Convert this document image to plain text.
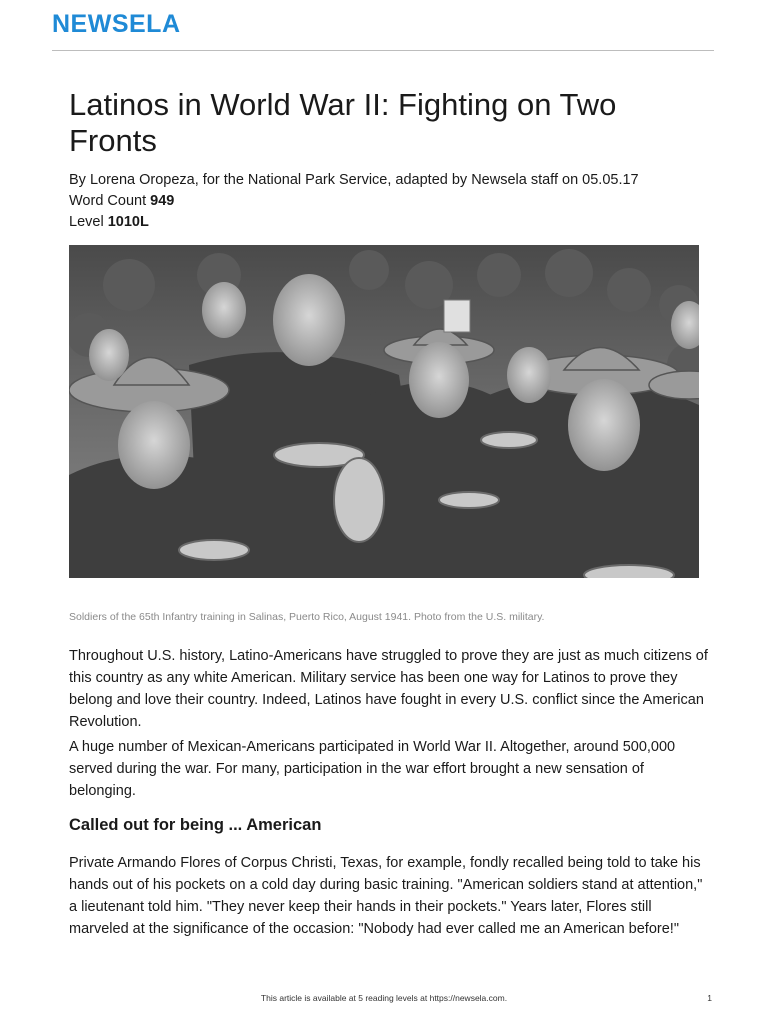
NEWSELA
Latinos in World War II: Fighting on Two Fronts
By Lorena Oropeza, for the National Park Service, adapted by Newsela staff on 05.05.17
Word Count 949
Level 1010L
Soldiers of the 65th Infantry training in Salinas, Puerto Rico, August 1941. Photo from the U.S. military.

Throughout U.S. history, Latino-Americans have struggled to prove they are just as much citizens of this country as any white American. Military service has been one way for Latinos to prove they belong and love their country. Indeed, Latinos have fought in every U.S. conflict since the American Revolution.

A huge number of Mexican-Americans participated in World War II. Altogether, around 500,000 served during the war. For many, participation in the war effort brought a new sensation of belonging.

Called out for being ... American

Private Armando Flores of Corpus Christi, Texas, for example, fondly recalled being told to take his hands out of his pockets on a cold day during basic training. "American soldiers stand at attention," a lieutenant told him. "They never keep their hands in their pockets." Years later, Flores still marveled at the significance of the occasion: "Nobody had ever called me an American before!"

This article is available at 5 reading levels at https://newsela.com.	1
